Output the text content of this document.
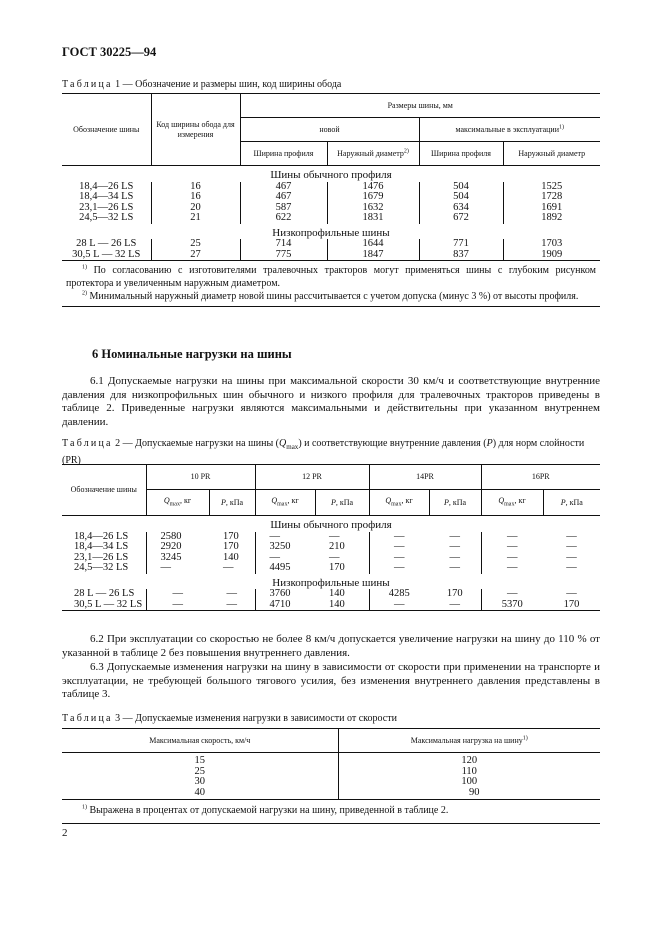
ГОСТ 30225—94
Таблица 1 — Обозначение и размеры шин, код ширины обода
Обозначение шины	Код ширины обода для измерения	Размеры шины, мм			
		новой		максимальные в эксплуатации$^{1)}$
		Ширина профиля	Наружный диаметр$^{2)}$	Ширина профиля	Наружный диаметр
Шины обычного профиля					
18,4—26 LS	16	467	1476	504	1525
18,4—34 LS	16	467	1679	504	1728
23,1—26 LS	20	587	1632	634	1691
24,5—32 LS	21	622	1831	672	1892
Низкопрофильные шины					
28 L — 26 LS	25	714	1644	771	1703
30,5 L — 32 LS	27	775	1847	837	1909

$^{1)}$ По согласованию с изготовителями тралевочных тракторов могут применяться шины с глубоким рисунком протектора и увеличенным наружным диаметром.

$^{2)}$ Минимальный наружный диаметр новой шины рассчитывается с учетом допуска (минус 3 %) от высоты профиля.					

6 Номинальные нагрузки на шины

6.1 Допускаемые нагрузки на шины при максимальной скорости 30 км/ч и соответствующие внутренние давления для низкопрофильных шин обычного и низкого профиля для тралевочных тракторов приведены в таблице 2. Приведенные нагрузки являются максимальными и действительны при указанном внутреннем давлении.

Таблица 2 — Допускаемые нагрузки на шины $(Q_{max})$ и соответствующие внутренние давления (P) для норм слойности (PR)
Обозначение шины	10 PR		12 PR		14PR		16PR	
	$Q_{max}$, кг	P, кПа	$Q_{max}$, кг	P, кПа	$Q_{max}$, кг	P, кПа	$Q_{max}$, кг	P, кПа
Шины обычного профиля								
18,4—26 LS	2580	170	—	—	—	—	—	—
18,4—34 LS	2920	170	3250	210	—	—	—	—
23,1—26 LS	3245	140	—	—	—	—	—	—
24,5—32 LS	—	—	4495	170	—	—	—	—
Низкопрофильные шины								
28 L — 26 LS	—	—	3760	140	4285	170	—	—
30,5 L — 32 LS	—	—	4710	140	—	—	5370	170

6.2 При эксплуатации со скоростью не более 8 км/ч допускается увеличение нагрузки на шину до 110 % от указанной в таблице 2 без повышения внутреннего давления.

6.3 Допускаемые изменения нагрузки на шину в зависимости от скорости при применении на транспорте и эксплуатации, не требующей большого тягового усилия, без изменения внутреннего давления представлены в таблице 3.

Таблица 3 — Допускаемые изменения нагрузки в зависимости от скорости
Максимальная скорость, км/ч	Максимальная нагрузка на шину$^{1)}$
15	120
25	110
30	100
40	90
$^{1)}$ Выражена в процентах от допускаемой нагрузки на шину, приведенной в таблице 2.	
2
